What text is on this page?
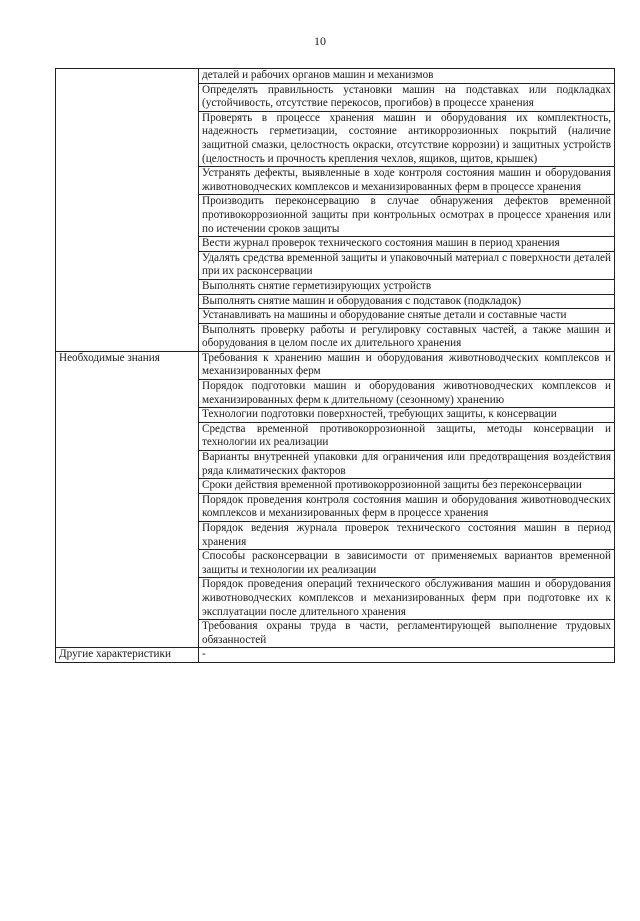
10
	деталей и рабочих органов машин и механизмов
	Определять правильность установки машин на подставках или подкладках (устойчивость, отсутствие перекосов, прогибов) в процессе хранения
	Проверять в процессе хранения машин и оборудования их комплектность, надежность герметизации, состояние антикоррозионных покрытий (наличие защитной смазки, целостность окраски, отсутствие коррозии) и защитных устройств (целостность и прочность крепления чехлов, ящиков, щитов, крышек)
	Устранять дефекты, выявленные в ходе контроля состояния машин и оборудования животноводческих комплексов и механизированных ферм в процессе хранения
	Производить переконсервацию в случае обнаружения дефектов временной противокоррозионной защиты при контрольных осмотрах в процессе хранения или по истечении сроков защиты
	Вести журнал проверок технического состояния машин в период хранения
	Удалять средства временной защиты и упаковочный материал с поверхности деталей при их расконсервации
	Выполнять снятие герметизирующих устройств
	Выполнять снятие машин и оборудования с подставок (подкладок)
	Устанавливать на машины и оборудование снятые детали и составные части
	Выполнять проверку работы и регулировку составных частей, а также машин и оборудования в целом после их длительного хранения
Необходимые знания	Требования к хранению машин и оборудования животноводческих комплексов и механизированных ферм
	Порядок подготовки машин и оборудования животноводческих комплексов и механизированных ферм к длительному (сезонному) хранению
	Технологии подготовки поверхностей, требующих защиты, к консервации
	Средства временной противокоррозионной защиты, методы консервации и технологии их реализации
	Варианты внутренней упаковки для ограничения или предотвращения воздействия ряда климатических факторов
	Сроки действия временной противокоррозионной защиты без переконсервации
	Порядок проведения контроля состояния машин и оборудования животноводческих комплексов и механизированных ферм в процессе хранения
	Порядок ведения журнала проверок технического состояния машин в период хранения
	Способы расконсервации в зависимости от применяемых вариантов временной защиты и технологии их реализации
	Порядок проведения операций технического обслуживания машин и оборудования животноводческих комплексов и механизированных ферм при подготовке их к эксплуатации после длительного хранения
	Требования охраны труда в части, регламентирующей выполнение трудовых обязанностей
Другие характеристики	-
